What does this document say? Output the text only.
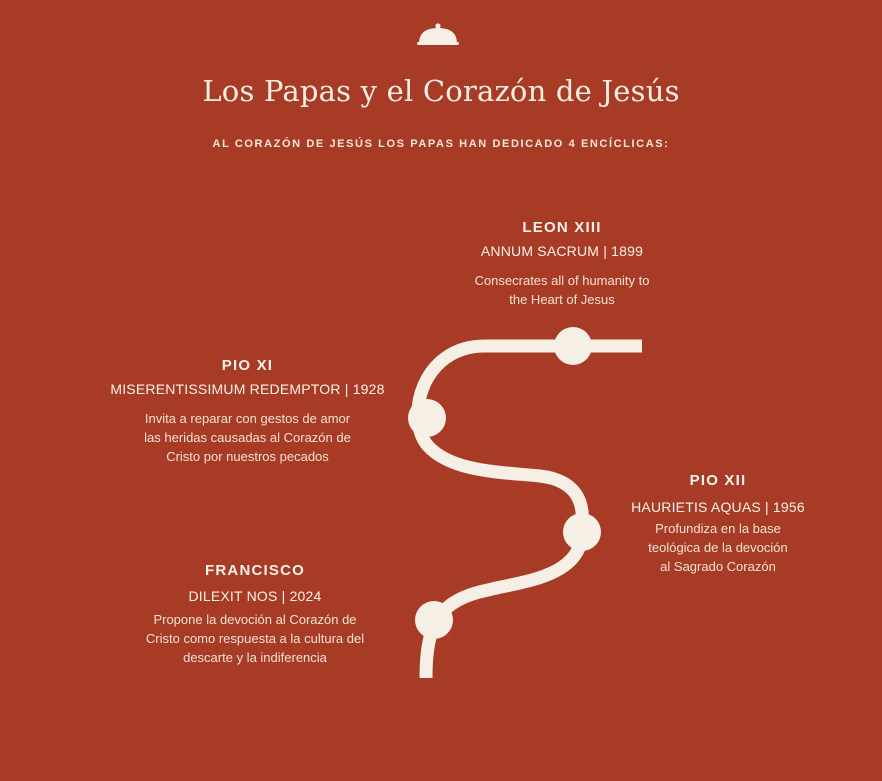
Los Papas y el Corazón de Jesús
AL CORAZÓN DE JESÚS LOS PAPAS HAN DEDICADO 4 ENCÍCLICAS:
LEON XIII
ANNUM SACRUM | 1899
Consecrates all of humanity to
the Heart of Jesus
PIO XI
MISERENTISSIMUM REDEMPTOR | 1928
Invita a reparar con gestos de amor
las heridas causadas al Corazón de
Cristo por nuestros pecados
PIO XII
HAURIETIS AQUAS | 1956
Profundiza en la base
teológica de la devoción
al Sagrado Corazón
FRANCISCO
DILEXIT NOS | 2024
Propone la devoción al Corazón de
Cristo como respuesta a la cultura del
descarte y la indiferencia
